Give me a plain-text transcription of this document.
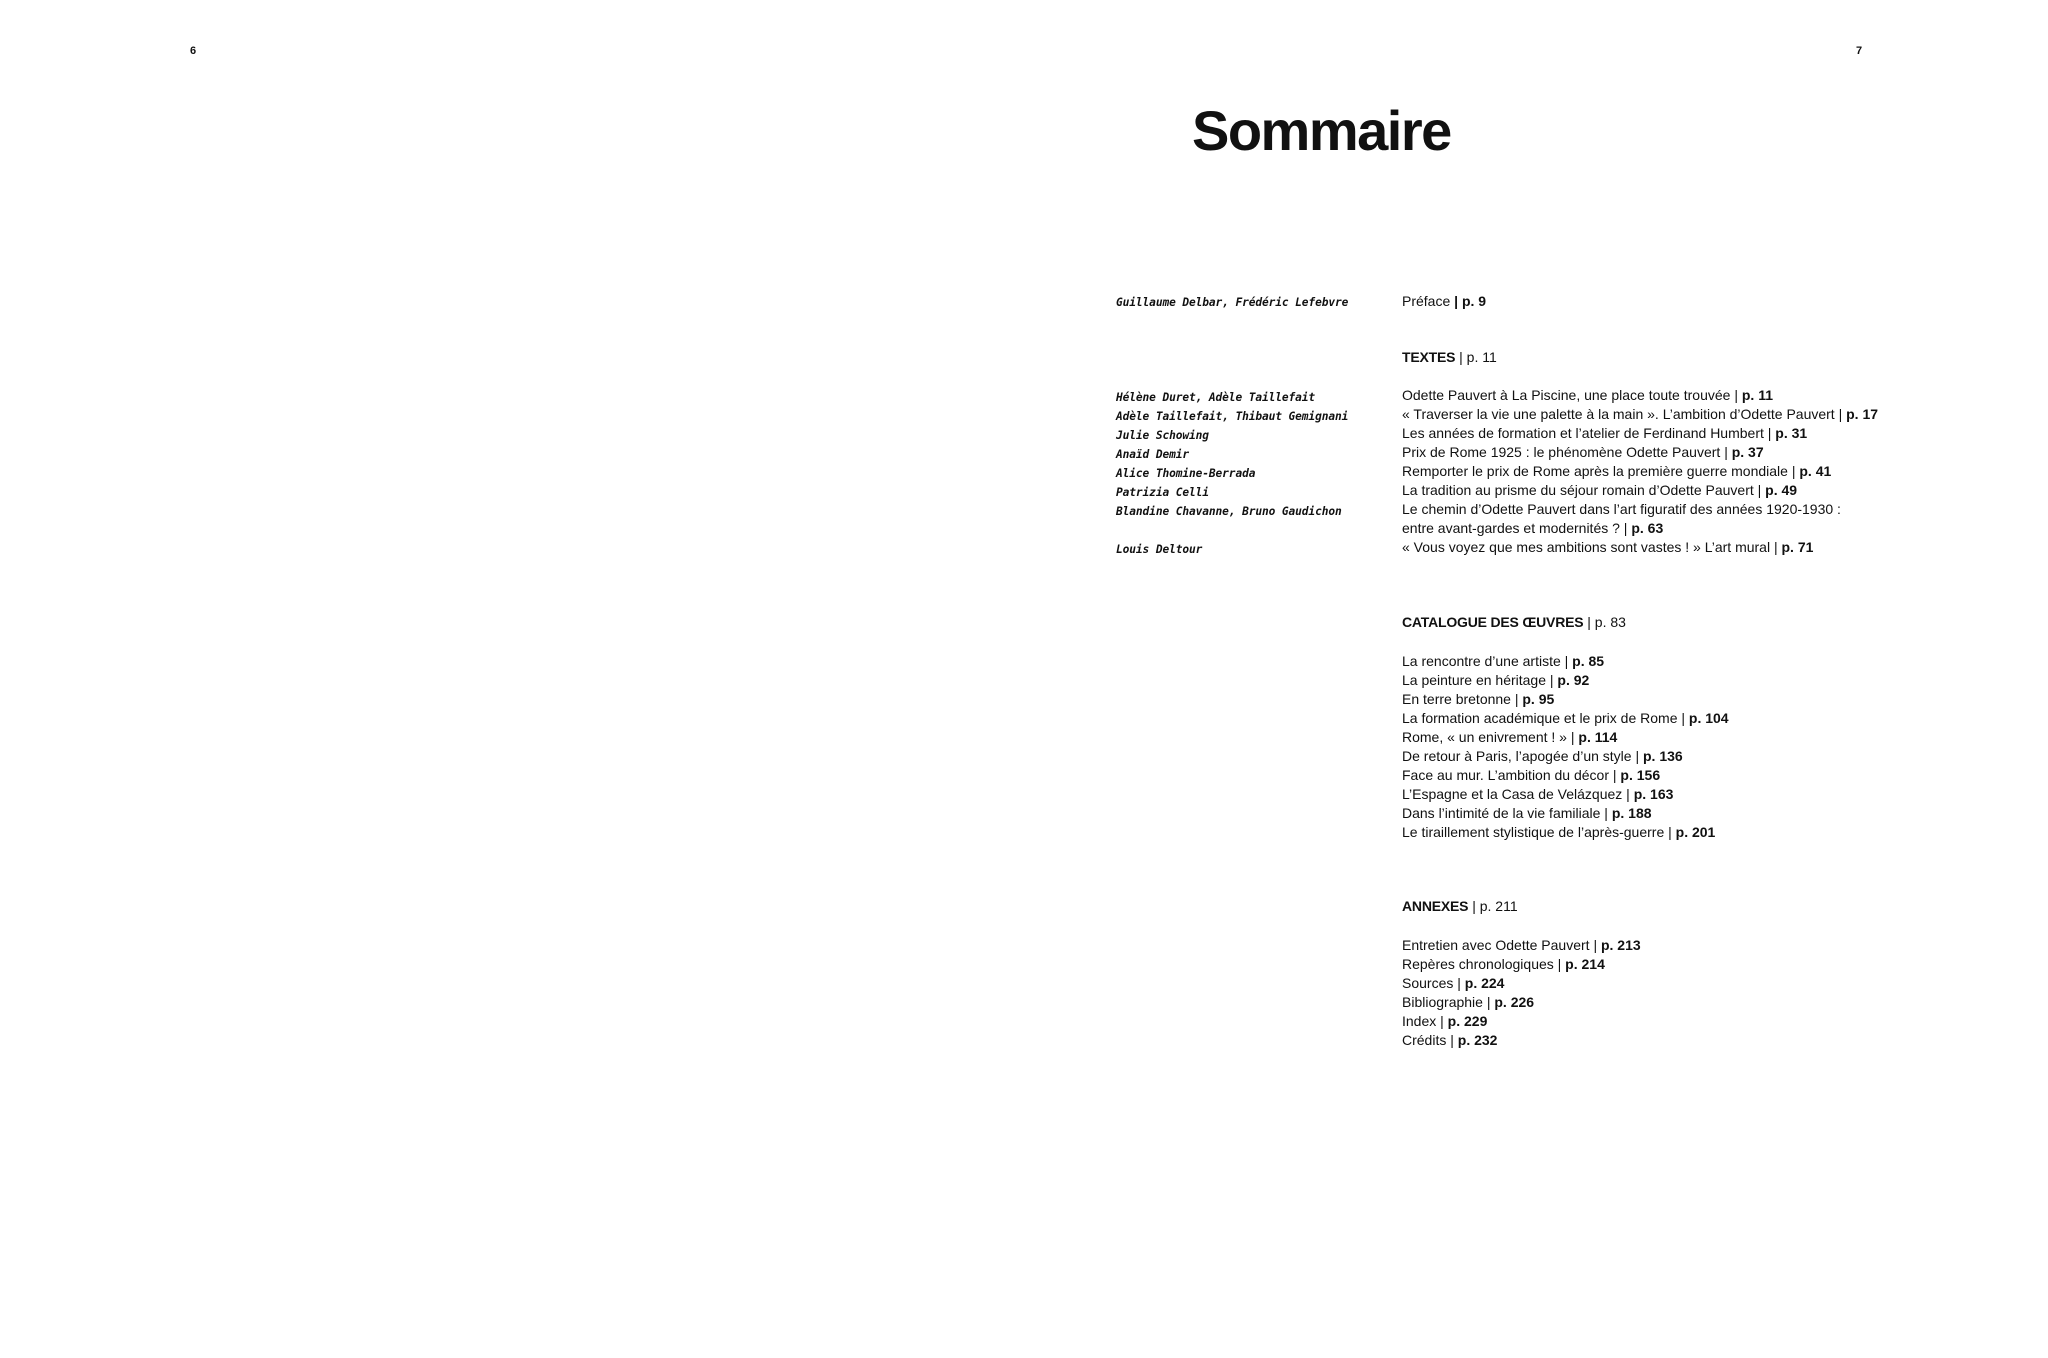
6	7
Sommaire
Guillaume Delbar, Frédéric Lefebvre	Préface | p. 9
TEXTES | p. 11
Hélène Duret, Adèle Taillefait
Adèle Taillefait, Thibaut Gemignani
Julie Schowing
Anaïd Demir
Alice Thomine-Berrada
Patrizia Celli
Blandine Chavanne, Bruno Gaudichon
Louis Deltour
Odette Pauvert à La Piscine, une place toute trouvée | p. 11
« Traverser la vie une palette à la main ». L’ambition d’Odette Pauvert | p. 17
Les années de formation et l’atelier de Ferdinand Humbert | p. 31
Prix de Rome 1925 : le phénomène Odette Pauvert | p. 37
Remporter le prix de Rome après la première guerre mondiale | p. 41
La tradition au prisme du séjour romain d’Odette Pauvert | p. 49
Le chemin d’Odette Pauvert dans l’art figuratif des années 1920-1930 :
entre avant-gardes et modernités ? | p. 63
« Vous voyez que mes ambitions sont vastes ! » L’art mural | p. 71
CATALOGUE DES ŒUVRES | p. 83
La rencontre d’une artiste | p. 85
La peinture en héritage | p. 92
En terre bretonne | p. 95
La formation académique et le prix de Rome | p. 104
Rome, « un enivrement ! » | p. 114
De retour à Paris, l’apogée d’un style | p. 136
Face au mur. L’ambition du décor | p. 156
L’Espagne et la Casa de Velázquez | p. 163
Dans l’intimité de la vie familiale | p. 188
Le tiraillement stylistique de l’après-guerre | p. 201
ANNEXES | p. 211
Entretien avec Odette Pauvert | p. 213
Repères chronologiques | p. 214
Sources | p. 224
Bibliographie | p. 226
Index | p. 229
Crédits | p. 232
